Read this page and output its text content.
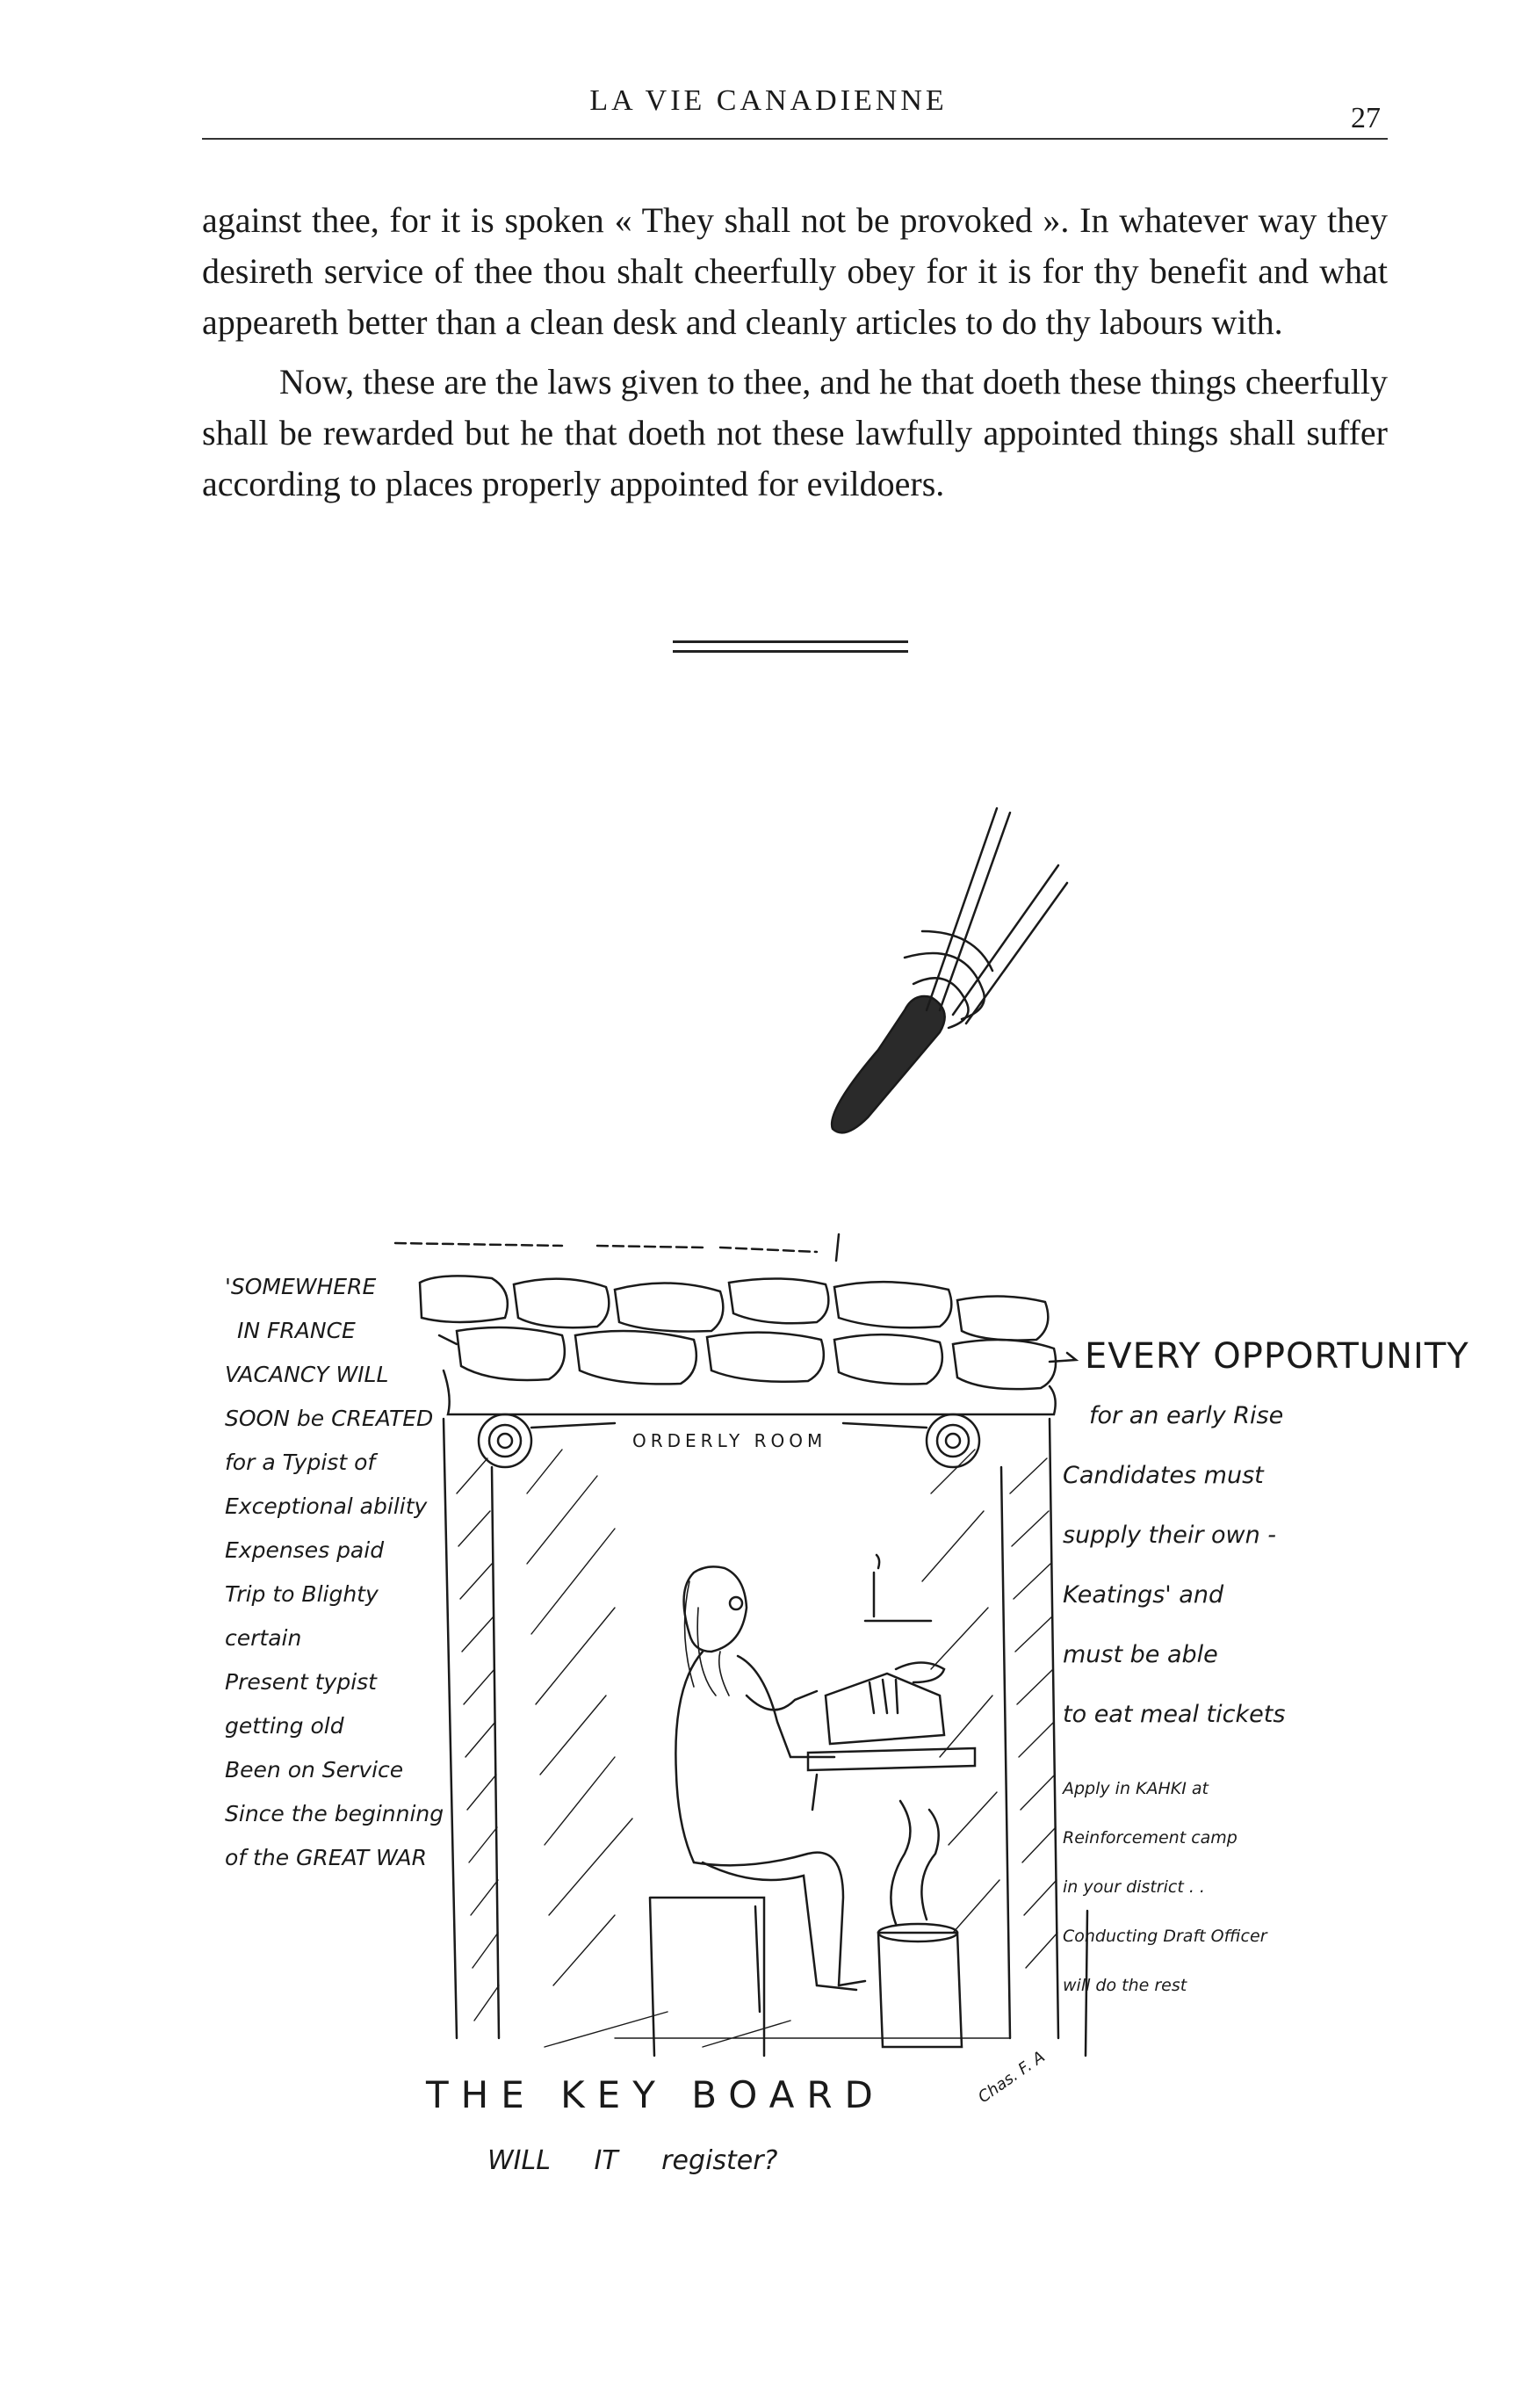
LA VIE CANADIENNE
27

against thee, for it is spoken « They shall not be provoked ». In whatever way they desireth service of thee thou shalt cheerfully obey for it is for thy benefit and what appeareth better than a clean desk and cleanly articles to do thy labours with.

Now, these are the laws given to thee, and he that doeth these things cheerfully shall be rewarded but he that doeth not these lawfully appointed things shall suffer according to places properly appointed for evildoers.

ORDERLY ROOM
'SOMEWHERE
IN FRANCE
VACANCY WILL
SOON be CREATED
for a Typist of
Exceptional ability
Expenses paid
Trip to Blighty
certain
Present typist
getting old
Been on Service
Since the beginning
of the GREAT WAR
EVERY OPPORTUNITY
for an early Rise
Candidates must
supply their own -
Keatings' and
must be able
to eat meal tickets
Apply in KAHKI at
Reinforcement camp
in your district . .
Conducting Draft Officer
will do the rest
THE KEY BOARD
WILL IT register?
Chas. F. A
